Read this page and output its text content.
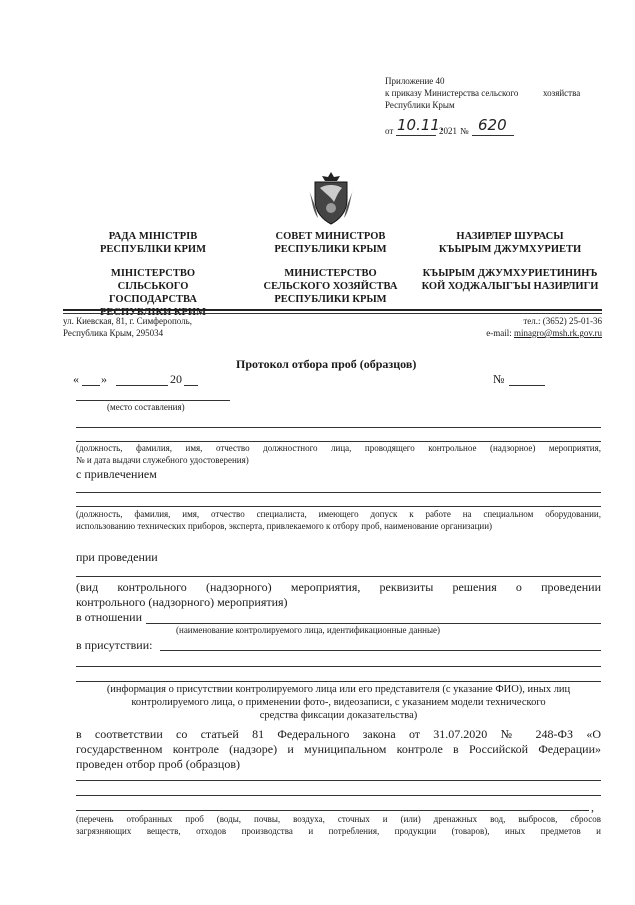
Приложение 40
к приказу Министерства сельского	хозяйства
Республики Крым
от 10.11.
2021 № 620
РАДА МІНІСТРІВ
РЕСПУБЛІКИ КРИМ
МІНІСТЕРСТВО
СІЛЬСЬКОГО
ГОСПОДАРСТВА
РЕСПУБЛІКИ КРИМ
СОВЕТ МИНИСТРОВ
РЕСПУБЛИКИ КРЫМ
МИНИСТЕРСТВО
СЕЛЬСКОГО ХОЗЯЙСТВА
РЕСПУБЛИКИ КРЫМ
НАЗИРЛЕР ШУРАСЫ
КЪЫРЫМ ДЖУМХУРИЕТИ
КЪЫРЫМ ДЖУМХУРИЕТИНИНЪ
КОЙ ХОДЖАЛЫГЪЫ НАЗИРЛИГИ
ул. Киевская, 81, г. Симферополь,
Республика Крым, 295034
тел.: (3652) 25-01-36
e-mail: minagro@msh.rk.gov.ru
Протокол отбора проб (образцов)
« »	20	№
(место составления)
(должность, фамилия, имя, отчество должностного лица, проводящего контрольное (надзорное) мероприятия,
№ и дата выдачи служебного удостоверения)
с привлечением
(должность, фамилия, имя, отчество специалиста, имеющего допуск к работе на специальном оборудовании,
использованию технических приборов, эксперта, привлекаемого к отбору проб, наименование организации)
при проведении
(вид контрольного (надзорного) мероприятия, реквизиты решения о проведении
контрольного (надзорного) мероприятия)
в отношении
(наименование контролируемого лица, идентификационные данные)
в присутствии:
(информация о присутствии контролируемого лица или его представителя (с указание ФИО), иных лиц
контролируемого лица, о применении фото-, видеозаписи, с указанием модели технического
средства фиксации доказательства)
в соответствии со статьей 81 Федерального закона от 31.07.2020 № 248-ФЗ «О
государственном контроле (надзоре) и муниципальном контроле в Российской Федерации»
проведен отбор проб (образцов)
,
(перечень отобранных проб (воды, почвы, воздуха, сточных и (или) дренажных вод, выбросов, сбросов
загрязняющих веществ, отходов производства и потребления, продукции (товаров), иных предметов и
